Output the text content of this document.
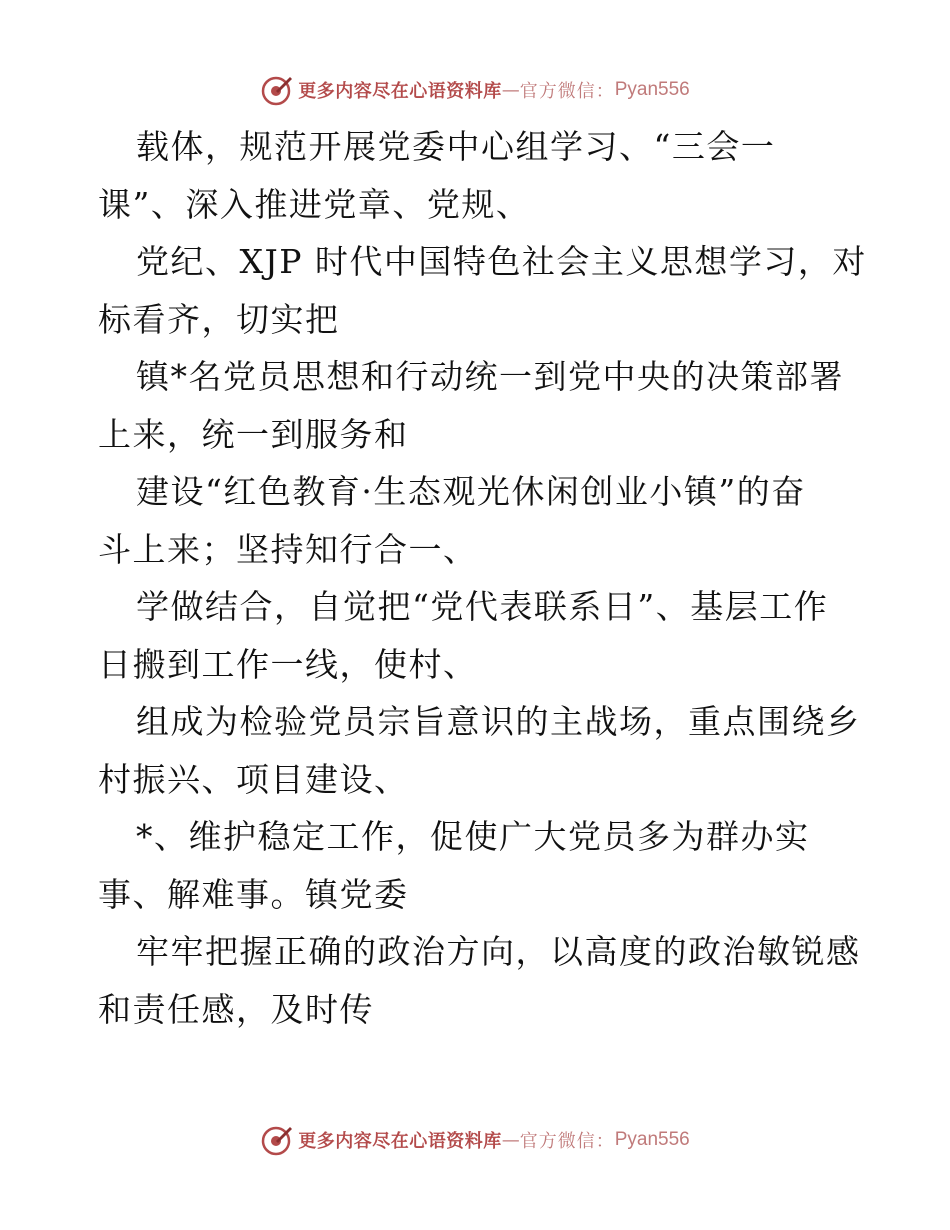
更多内容尽在心语资料库 — 官方微信： Pyan556
载体，规范开展党委中心组学习、“三会一
课”、深入推进党章、党规、
党纪、XJP 时代中国特色社会主义思想学习，对
标看齐，切实把
镇*名党员思想和行动统一到党中央的决策部署
上来，统一到服务和
建设“红色教育·生态观光休闲创业小镇”的奋
斗上来；坚持知行合一、
学做结合，自觉把“党代表联系日”、基层工作
日搬到工作一线，使村、
组成为检验党员宗旨意识的主战场，重点围绕乡
村振兴、项目建设、
*、维护稳定工作，促使广大党员多为群办实
事、解难事。镇党委
牢牢把握正确的政治方向，以高度的政治敏锐感
和责任感，及时传
更多内容尽在心语资料库 — 官方微信： Pyan556
